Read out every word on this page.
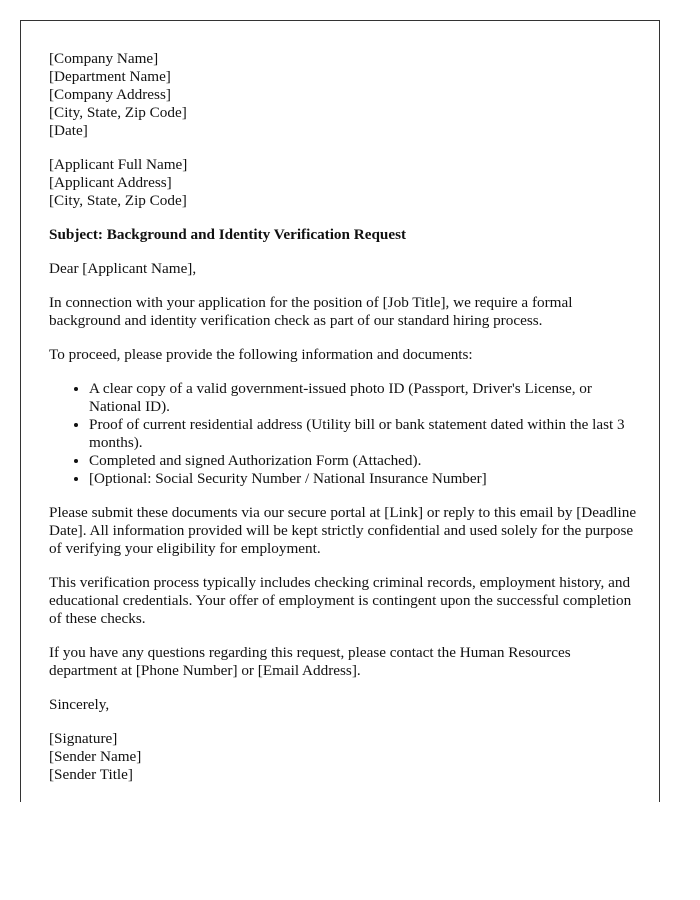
[Company Name]
[Department Name]
[Company Address]
[City, State, Zip Code]
[Date]
[Applicant Full Name]
[Applicant Address]
[City, State, Zip Code]

Subject: Background and Identity Verification Request

Dear [Applicant Name],

In connection with your application for the position of [Job Title], we require a formal background and identity verification check as part of our standard hiring process.

To proceed, please provide the following information and documents:

• A clear copy of a valid government-issued photo ID (Passport, Driver's License, or National ID).
• Proof of current residential address (Utility bill or bank statement dated within the last 3 months).
• Completed and signed Authorization Form (Attached).
• [Optional: Social Security Number / National Insurance Number]

Please submit these documents via our secure portal at [Link] or reply to this email by [Deadline Date]. All information provided will be kept strictly confidential and used solely for the purpose of verifying your eligibility for employment.

This verification process typically includes checking criminal records, employment history, and educational credentials. Your offer of employment is contingent upon the successful completion of these checks.

If you have any questions regarding this request, please contact the Human Resources department at [Phone Number] or [Email Address].

Sincerely,

[Signature]
[Sender Name]
[Sender Title]
